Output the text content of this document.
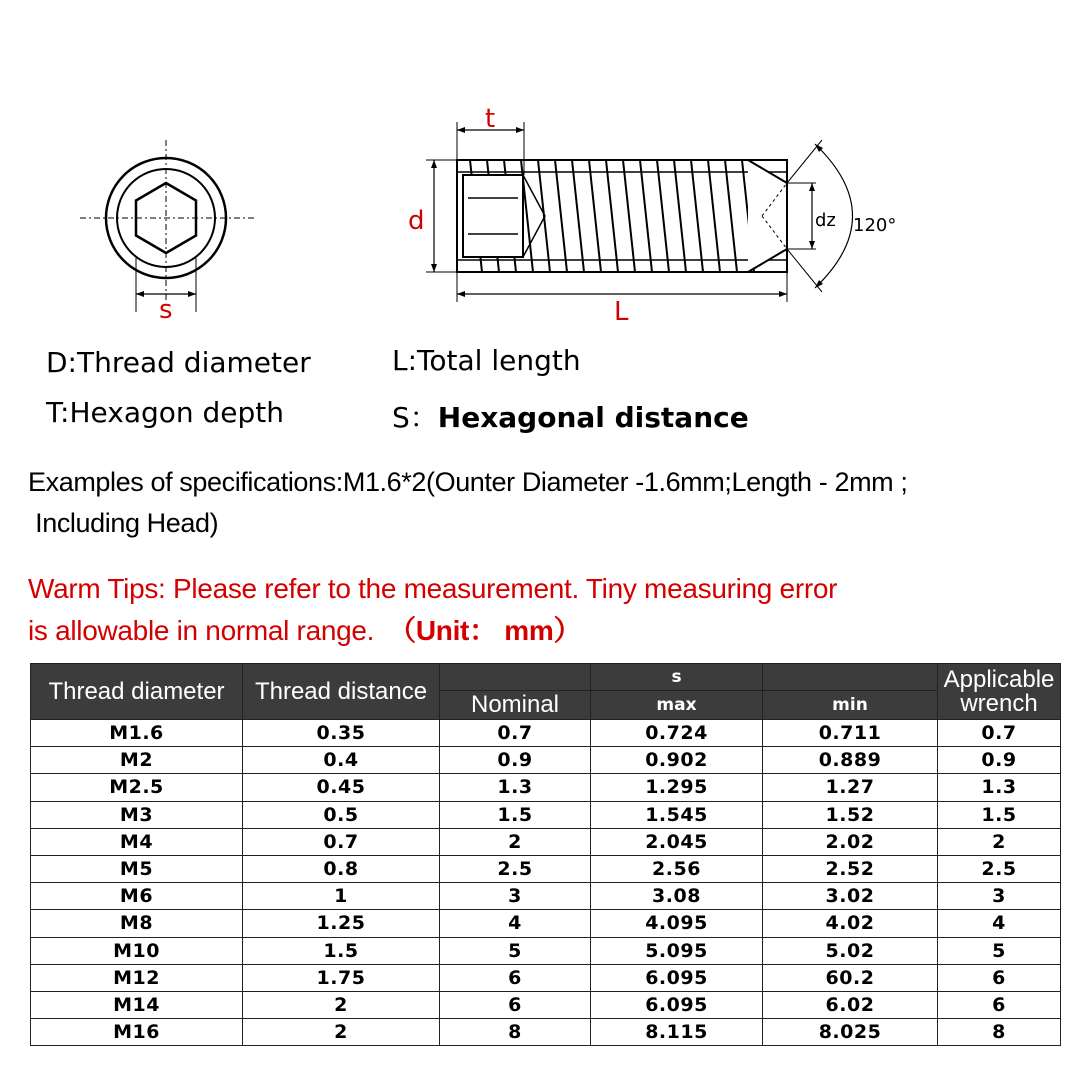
s
t
d
L
dz 120°
D:Thread diameter	L:Total length
T:Hexagon depth	S：Hexagonal distance
Examples of specifications:M1.6*2(Ounter Diameter -1.6mm;Length - 2mm ;
Including Head)
Warm Tips: Please refer to the measurement. Tiny measuring error
is allowable in normal range. （Unit： mm）
Thread diameter	Thread distance		s		Applicable
wrench

		Nominal	max	min	
M1.6	0.35	0.7	0.724	0.711	0.7
M2	0.4	0.9	0.902	0.889	0.9
M2.5	0.45	1.3	1.295	1.27	1.3
M3	0.5	1.5	1.545	1.52	1.5
M4	0.7	2	2.045	2.02	2
M5	0.8	2.5	2.56	2.52	2.5
M6	1	3	3.08	3.02	3
M8	1.25	4	4.095	4.02	4
M10	1.5	5	5.095	5.02	5
M12	1.75	6	6.095	60.2	6
M14	2	6	6.095	6.02	6
M16	2	8	8.115	8.025	8
